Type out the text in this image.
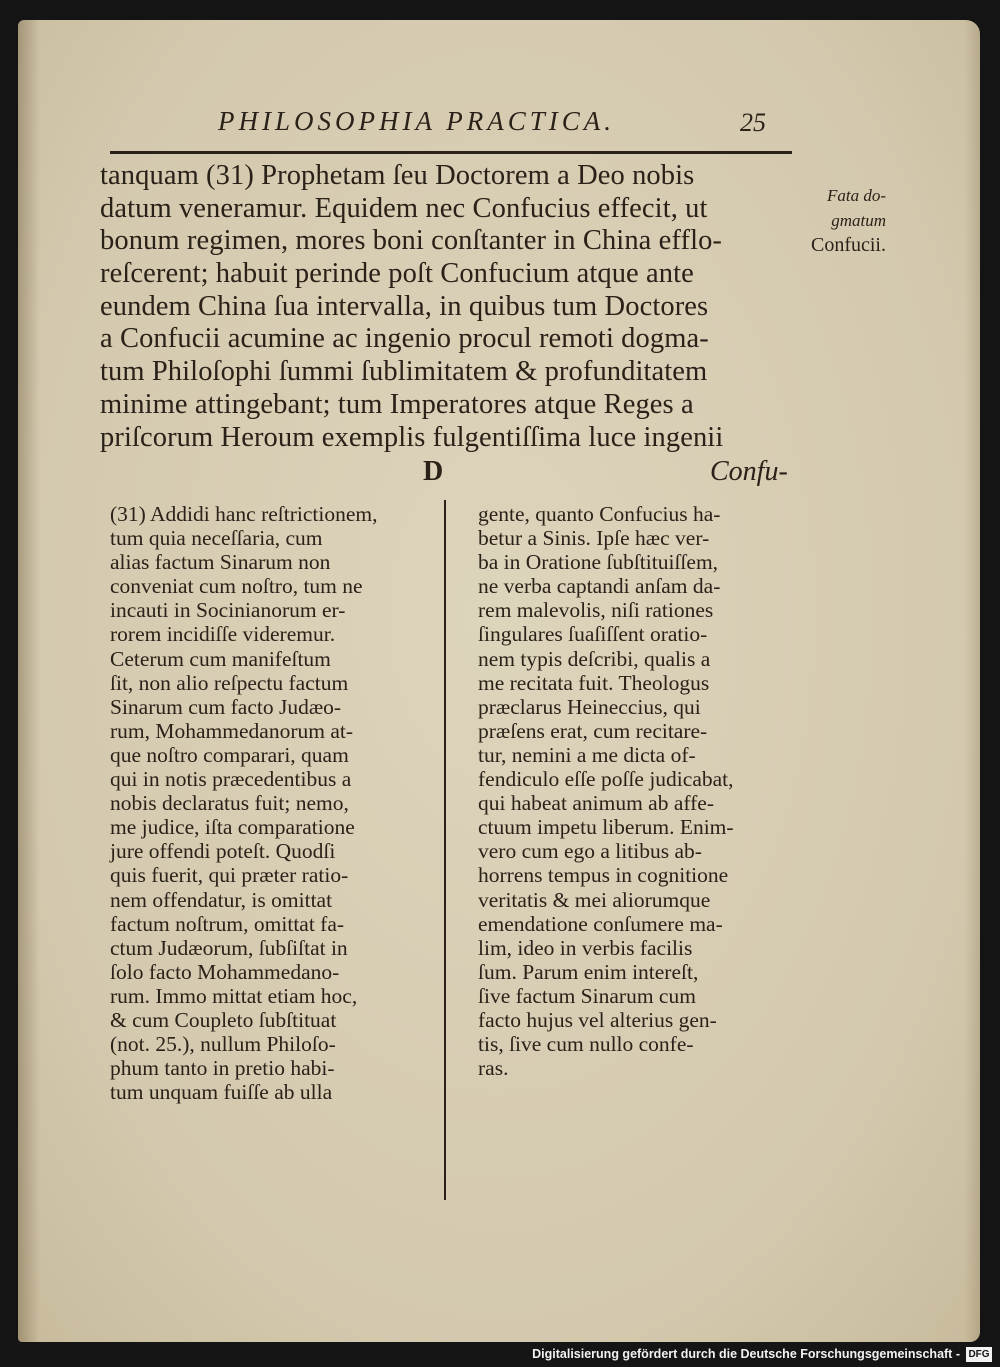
PHILOSOPHIA PRACTICA.	25
tanquam (31) Prophetam ſeu Doctorem a Deo nobis
datum veneramur. Equidem nec Confucius effecit, ut
bonum regimen, mores boni conſtanter in China efflo-
reſcerent; habuit perinde poſt Confucium atque ante
eundem China ſua intervalla, in quibus tum Doctores
a Confucii acumine ac ingenio procul remoti dogma-
tum Philoſophi ſummi ſublimitatem & profunditatem
minime attingebant; tum Imperatores atque Reges a
priſcorum Heroum exemplis fulgentiſſima luce ingenii
Fata do-
gmatum
Confucii.
D	Confu-
(31) Addidi hanc reſtrictionem,
tum quia neceſſaria, cum
alias factum Sinarum non
conveniat cum noſtro, tum ne
incauti in Socinianorum er-
rorem incidiſſe videremur.
Ceterum cum manifeſtum
ſit, non alio reſpectu factum
Sinarum cum facto Judæo-
rum, Mohammedanorum at-
que noſtro comparari, quam
qui in notis præcedentibus a
nobis declaratus fuit; nemo,
me judice, iſta comparatione
jure offendi poteſt. Quodſi
quis fuerit, qui præter ratio-
nem offendatur, is omittat
factum noſtrum, omittat fa-
ctum Judæorum, ſubſiſtat in
ſolo facto Mohammedano-
rum. Immo mittat etiam hoc,
& cum Coupleto ſubſtituat
(not. 25.), nullum Philoſo-
phum tanto in pretio habi-
tum unquam fuiſſe ab ulla
gente, quanto Confucius ha-
betur a Sinis. Ipſe hæc ver-
ba in Oratione ſubſtituiſſem,
ne verba captandi anſam da-
rem malevolis, niſi rationes
ſingulares ſuaſiſſent oratio-
nem typis deſcribi, qualis a
me recitata fuit. Theologus
præclarus Heineccius, qui
præſens erat, cum recitare-
tur, nemini a me dicta of-
fendiculo eſſe poſſe judicabat,
qui habeat animum ab affe-
ctuum impetu liberum. Enim-
vero cum ego a litibus ab-
horrens tempus in cognitione
veritatis & mei aliorumque
emendatione conſumere ma-
lim, ideo in verbis facilis
ſum. Parum enim intereſt,
ſive factum Sinarum cum
facto hujus vel alterius gen-
tis, ſive cum nullo confe-
ras.
Digitalisierung gefördert durch die Deutsche Forschungsgemeinschaft - DFG
